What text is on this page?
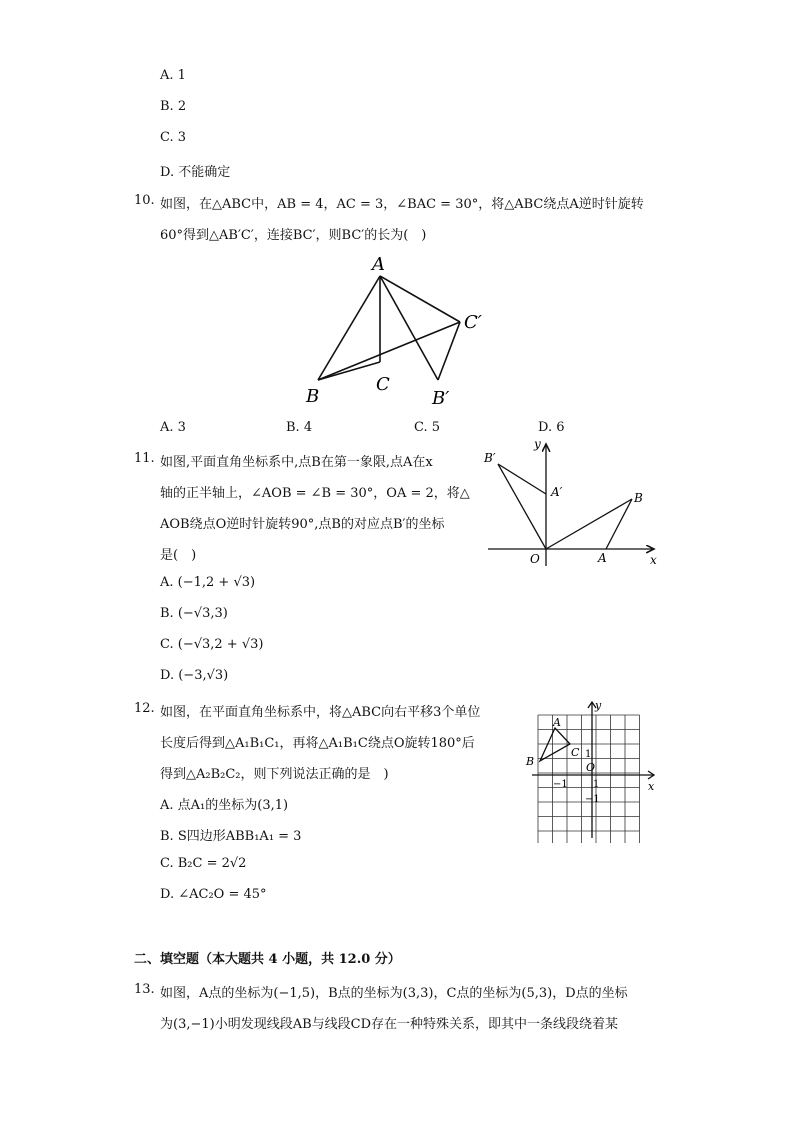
A. 1
B. 2
C. 3
D. 不能确定
10. 如图，在△ABC中，AB = 4，AC = 3，∠BAC = 30°，将△ABC绕点A逆时针旋转
60°得到△AB′C′，连接BC′，则BC′的长为(　)
A
B
C
B′
C′
A. 3	B. 4	C. 5	D. 6
11. 如图,平面直角坐标系中,点B在第一象限,点A在x
轴的正半轴上，∠AOB = ∠B = 30°，OA = 2，将△
AOB绕点O逆时针旋转90°,点B的对应点B′的坐标
是(　)
A. (−1,2 + √3)
B. (−√3,3)
C. (−√3,2 + √3)
D. (−3,√3)
y
x
O	A
B
A′
B′
12. 如图，在平面直角坐标系中，将△ABC向右平移3个单位
长度后得到△A₁B₁C₁，再将△A₁B₁C绕点O旋转180°后
得到△A₂B₂C₂，则下列说法正确的是　)
A. 点A₁的坐标为(3,1)
B. S四边形ABB₁A₁ = 3
C. B₂C = 2√2
D. ∠AC₂O = 45°
y
x
A
B
C 1
O
−1	1
−1
二、填空题（本大题共 4 小题，共 12.0 分）
13. 如图，A点的坐标为(−1,5)，B点的坐标为(3,3)，C点的坐标为(5,3)，D点的坐标
为(3,−1)小明发现线段AB与线段CD存在一种特殊关系，即其中一条线段绕着某
